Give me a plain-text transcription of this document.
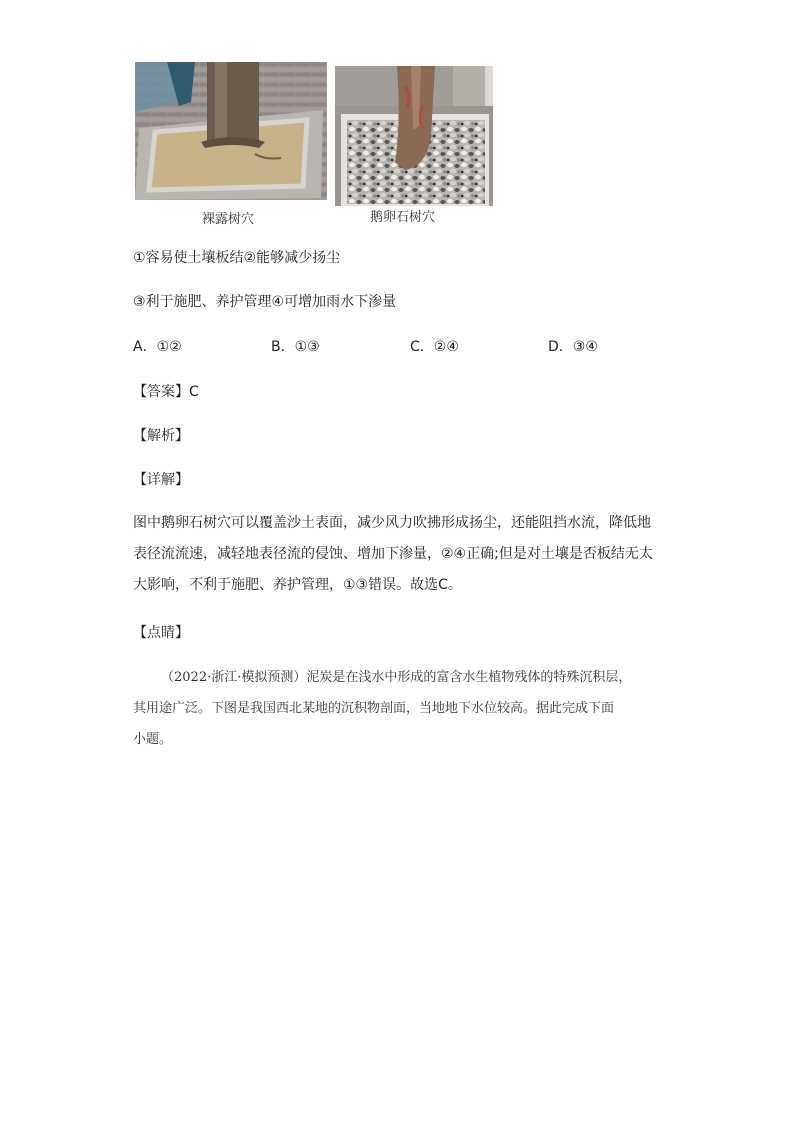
裸露树穴	鹅卵石树穴
①容易使土壤板结②能够减少扬尘
③利于施肥、养护管理④可增加雨水下渗量
A．①②	B．①③	C．②④	D．③④
【答案】C
【解析】
【详解】
图中鹅卵石树穴可以覆盖沙土表面，减少风力吹拂形成扬尘，还能阻挡水流，降低地
表径流流速，减轻地表径流的侵蚀、增加下渗量，②④正确;但是对土壤是否板结无太
大影响，不利于施肥、养护管理，①③错误。故选C。
【点睛】
（2022·浙江·模拟预测）泥炭是在浅水中形成的富含水生植物残体的特殊沉积层，
其用途广泛。下图是我国西北某地的沉积物剖面，当地地下水位较高。据此完成下面
小题。
